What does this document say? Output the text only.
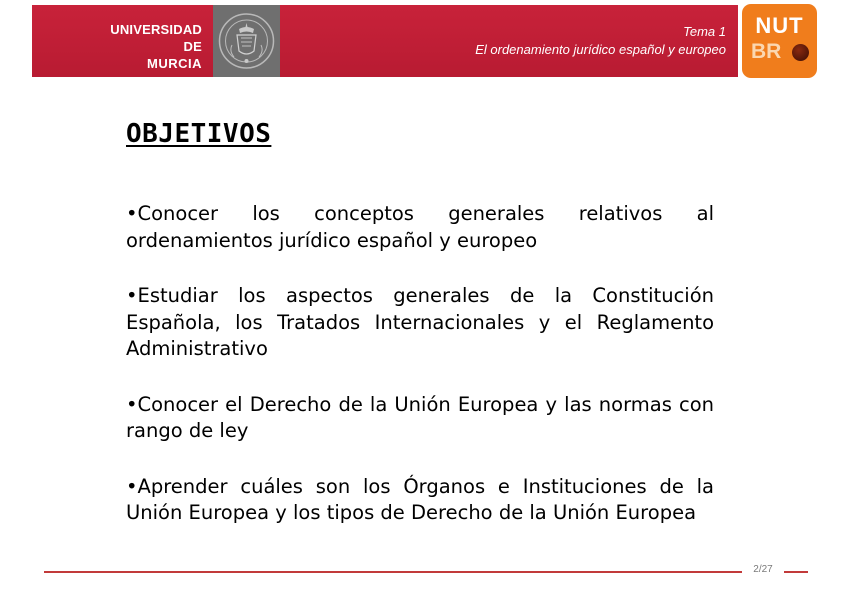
UNIVERSIDAD DE
MURCIA
Tema 1
El ordenamiento jurídico español y europeo
NUT
BR
OBJETIVOS

•Conocer los conceptos generales relativos al ordenamientos jurídico español y europeo

•Estudiar los aspectos generales de la Constitución Española, los Tratados Internacionales y el Reglamento Administrativo

•Conocer el Derecho de la Unión Europea y las normas con rango de ley

•Aprender cuáles son los Órganos e Instituciones de la Unión Europea y los tipos de Derecho de la Unión Europea

2/27
